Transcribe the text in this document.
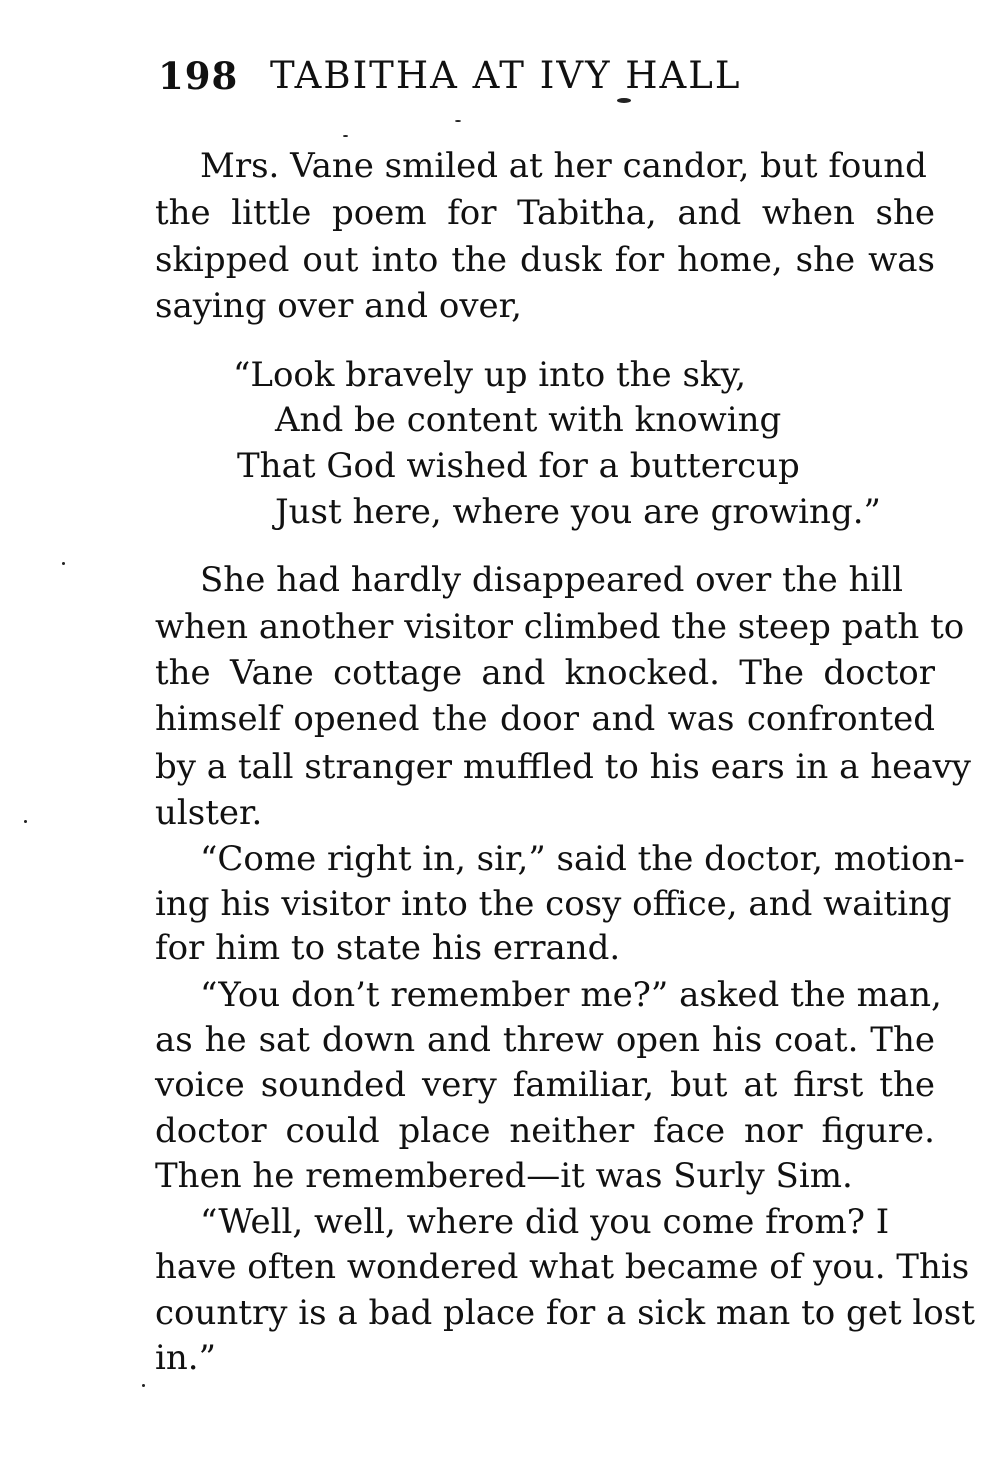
198 TABITHA AT IVY HALL
Mrs. Vane smiled at her candor, but found
the little poem for Tabitha, and when she
skipped out into the dusk for home, she was
saying over and over,
“Look bravely up into the sky,
And be content with knowing
That God wished for a buttercup
Just here, where you are growing.”
She had hardly disappeared over the hill
when another visitor climbed the steep path to
the Vane cottage and knocked. The doctor
himself opened the door and was confronted
by a tall stranger muffled to his ears in a heavy
ulster.
“Come right in, sir,” said the doctor, motion-
ing his visitor into the cosy office, and waiting
for him to state his errand.
“You don’t remember me?” asked the man,
as he sat down and threw open his coat. The
voice sounded very familiar, but at first the
doctor could place neither face nor figure.
Then he remembered—it was Surly Sim.
“Well, well, where did you come from? I
have often wondered what became of you. This
country is a bad place for a sick man to get lost
in.”
